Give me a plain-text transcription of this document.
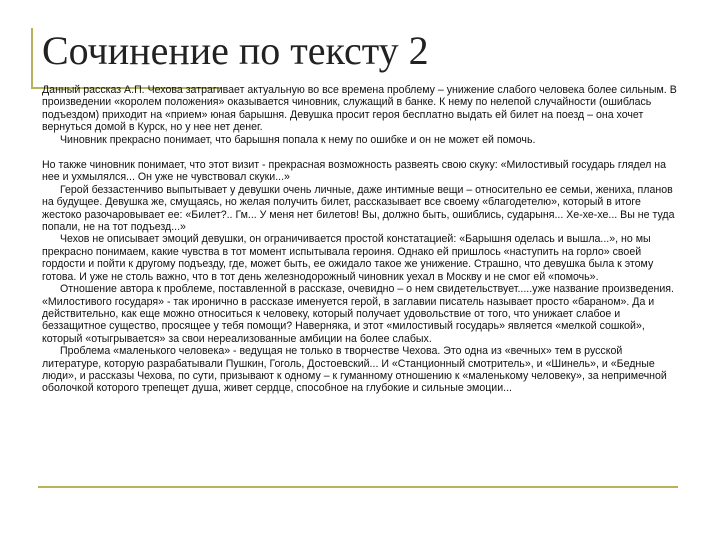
Сочинение по тексту 2

Данный рассказ А.П. Чехова затрагивает актуальную во все времена проблему – унижение слабого человека более сильным. В произведении «королем положения» оказывается чиновник, служащий в банке. К нему по нелепой случайности (ошиблась подъездом) приходит на «прием» юная барышня. Девушка просит героя бесплатно выдать ей билет на поезд – она хочет вернуться домой в Курск, но у нее нет денег.

Чиновник прекрасно понимает, что барышня попала к нему по ошибке и он не может ей помочь.

Но также чиновник понимает, что этот визит - прекрасная возможность развеять свою скуку: «Милостивый государь глядел на нее и ухмылялся... Он уже не чувствовал скуки...»

Герой беззастенчиво выпытывает у девушки очень личные, даже интимные вещи – относительно ее семьи, жениха, планов на будущее. Девушка же, смущаясь, но желая получить билет, рассказывает все своему «благодетелю», который в итоге жестоко разочаровывает ее: «Билет?.. Гм... У меня нет билетов! Вы, должно быть, ошиблись, сударыня... Хе-хе-хе... Вы не туда попали, не на тот подъезд...»

Чехов не описывает эмоций девушки, он ограничивается простой констатацией: «Барышня оделась и вышла...», но мы прекрасно понимаем, какие чувства в тот момент испытывала героиня. Однако ей пришлось «наступить на горло» своей гордости и пойти к другому подъезду, где, может быть, ее ожидало такое же унижение. Страшно, что девушка была к этому готова. И уже не столь важно, что в тот день железнодорожный чиновник уехал в Москву и не смог ей «помочь».

Отношение автора к проблеме, поставленной в рассказе, очевидно – о нем свидетельствует.....уже название произведения. «Милостивого государя» - так иронично в рассказе именуется герой, в заглавии писатель называет просто «бараном». Да и действительно, как еще можно относиться к человеку, который получает удовольствие от того, что унижает слабое и беззащитное существо, просящее у тебя помощи? Наверняка, и этот «милостивый государь» является «мелкой сошкой», который «отыгрывается» за свои нереализованные амбиции на более слабых.

Проблема «маленького человека» - ведущая не только в творчестве Чехова. Это одна из «вечных» тем в русской литературе, которую разрабатывали Пушкин, Гоголь, Достоевский... И «Станционный смотритель», и «Шинель», и «Бедные люди», и рассказы Чехова, по сути, призывают к одному – к гуманному отношению к «маленькому человеку», за непримечной оболочкой которого трепещет душа, живет сердце, способное на глубокие и сильные эмоции...
